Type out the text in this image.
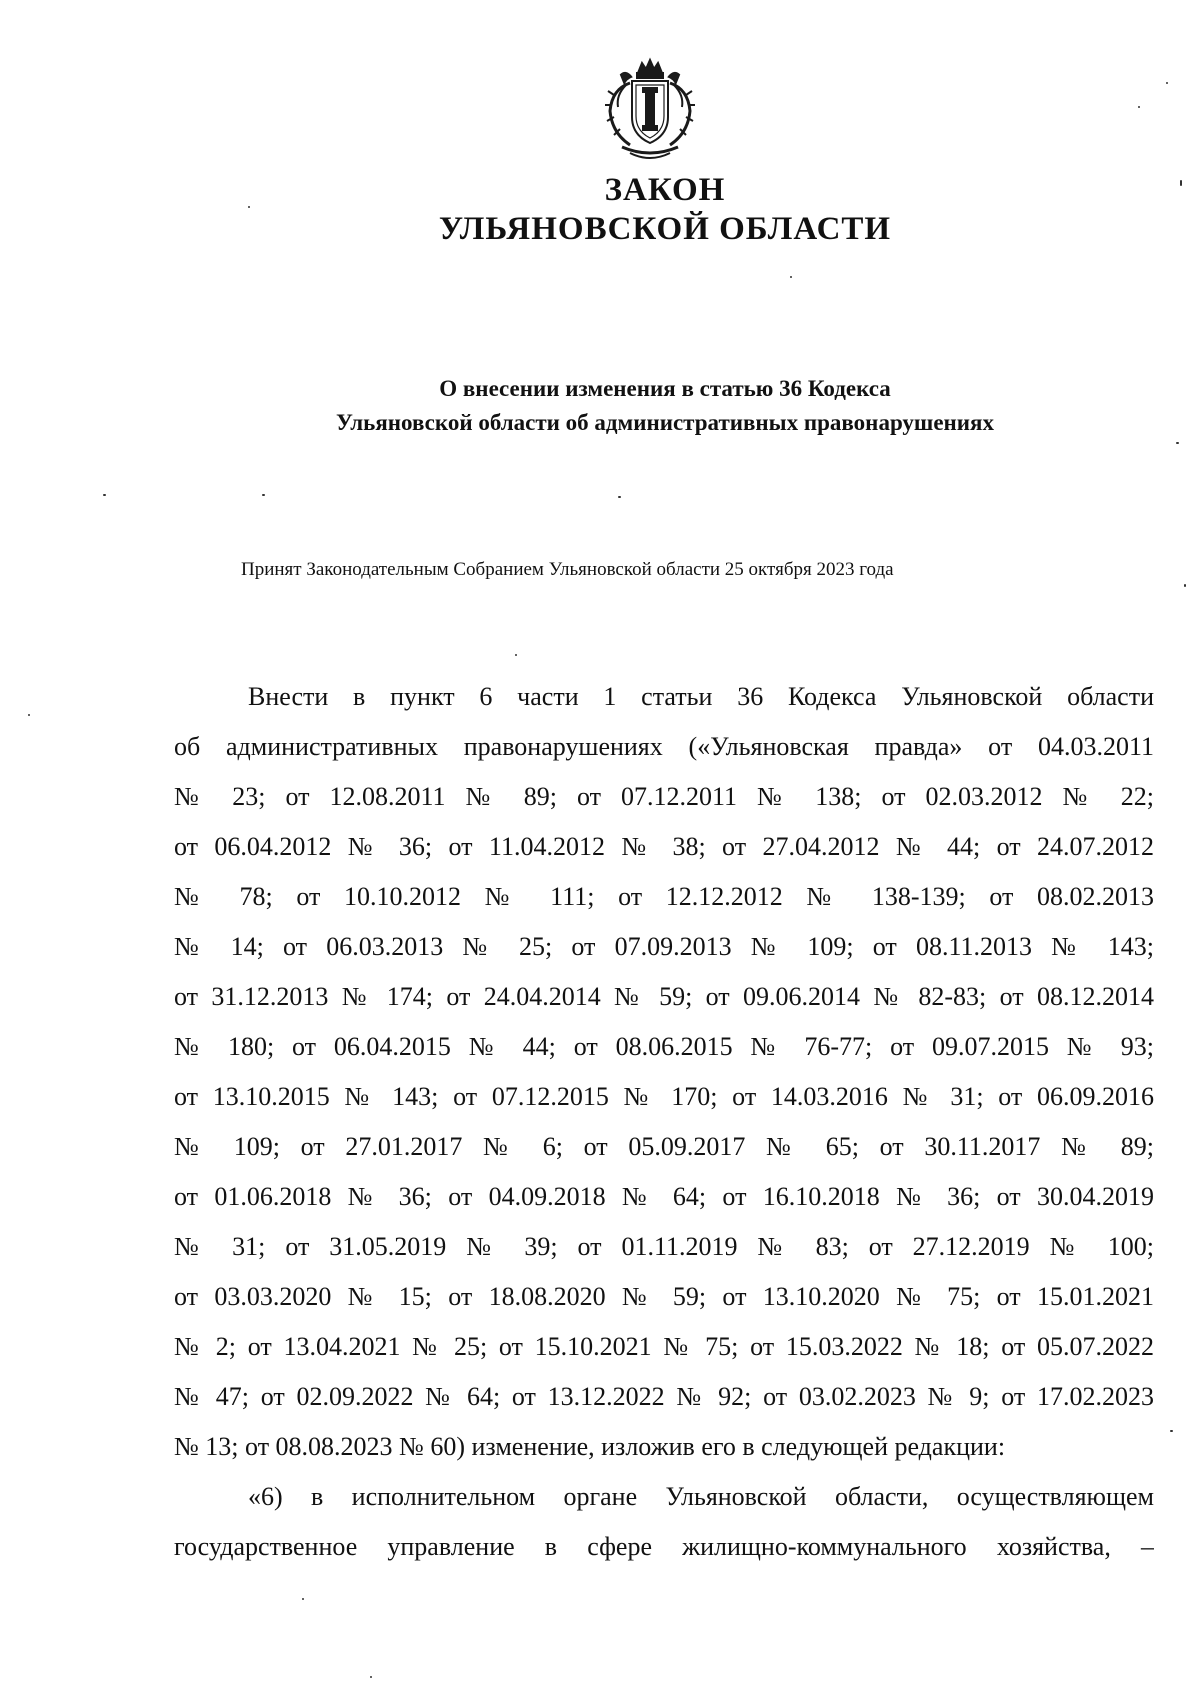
ЗАКОН
УЛЬЯНОВСКОЙ ОБЛАСТИ
О внесении изменения в статью 36 Кодекса
Ульяновской области об административных правонарушениях

Принят Законодательным Собранием Ульяновской области 25 октября 2023 года

Внести в пункт 6 части 1 статьи 36 Кодекса Ульяновской области
об административных правонарушениях («Ульяновская правда» от 04.03.2011
№ 23; от 12.08.2011 № 89; от 07.12.2011 № 138; от 02.03.2012 № 22;
от 06.04.2012 № 36; от 11.04.2012 № 38; от 27.04.2012 № 44; от 24.07.2012
№ 78; от 10.10.2012 № 111; от 12.12.2012 № 138-139; от 08.02.2013
№ 14; от 06.03.2013 № 25; от 07.09.2013 № 109; от 08.11.2013 № 143;
от 31.12.2013 № 174; от 24.04.2014 № 59; от 09.06.2014 № 82-83; от 08.12.2014
№ 180; от 06.04.2015 № 44; от 08.06.2015 № 76-77; от 09.07.2015 № 93;
от 13.10.2015 № 143; от 07.12.2015 № 170; от 14.03.2016 № 31; от 06.09.2016
№ 109; от 27.01.2017 № 6; от 05.09.2017 № 65; от 30.11.2017 № 89;
от 01.06.2018 № 36; от 04.09.2018 № 64; от 16.10.2018 № 36; от 30.04.2019
№ 31; от 31.05.2019 № 39; от 01.11.2019 № 83; от 27.12.2019 № 100;
от 03.03.2020 № 15; от 18.08.2020 № 59; от 13.10.2020 № 75; от 15.01.2021
№ 2; от 13.04.2021 № 25; от 15.10.2021 № 75; от 15.03.2022 № 18; от 05.07.2022
№ 47; от 02.09.2022 № 64; от 13.12.2022 № 92; от 03.02.2023 № 9; от 17.02.2023
№ 13; от 08.08.2023 № 60) изменение, изложив его в следующей редакции:
«6) в исполнительном органе Ульяновской области, осуществляющем
государственное управление в сфере жилищно-коммунального хозяйства, –
